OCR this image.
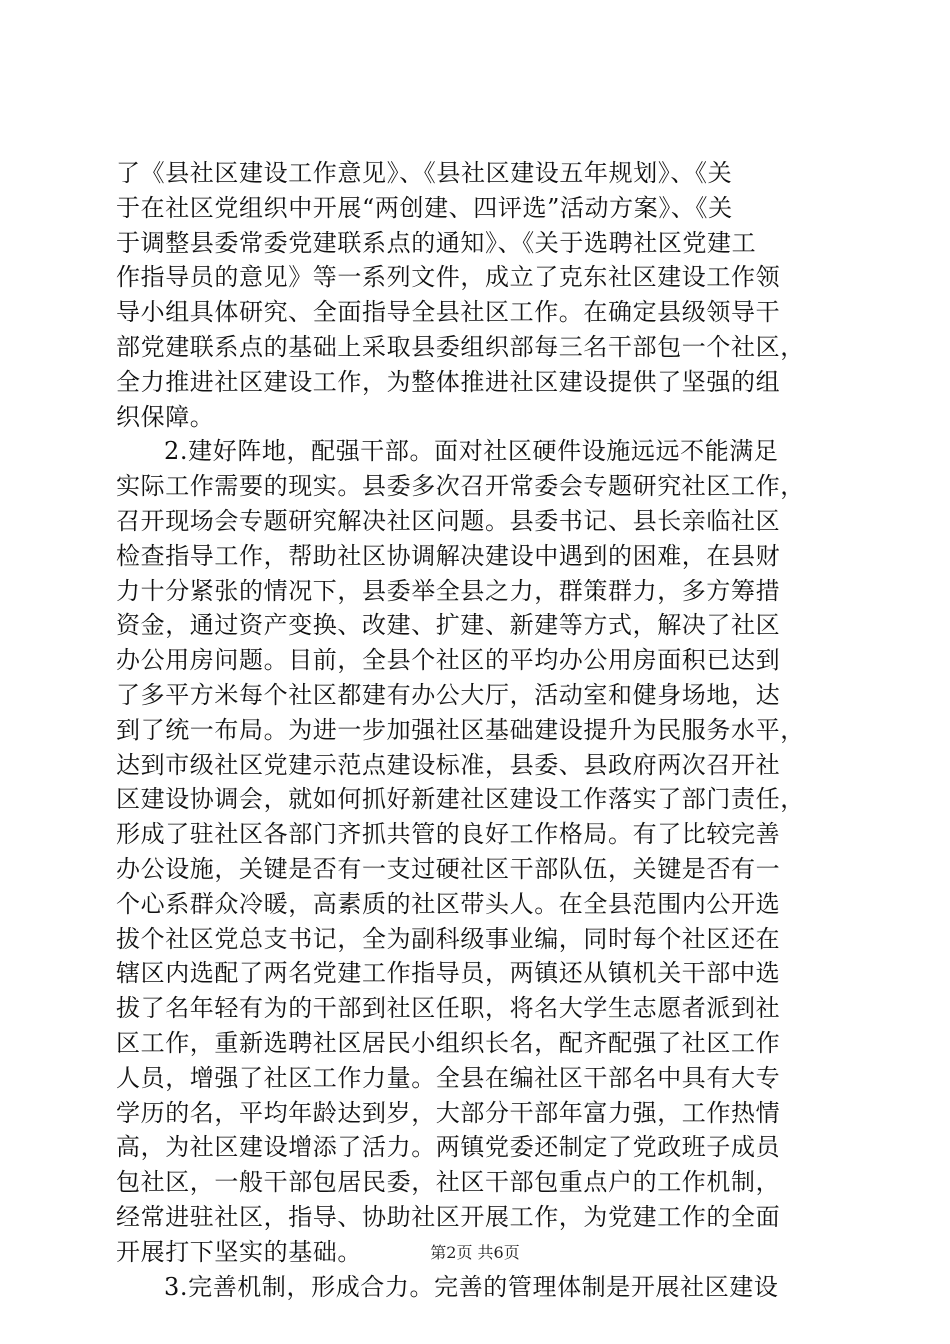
了《县社区建设工作意见》、《县社区建设五年规划》、《关
于在社区党组织中开展“两创建、四评选”活动方案》、《关
于调整县委常委党建联系点的通知》、《关于选聘社区党建工
作指导员的意见》等一系列文件，成立了克东社区建设工作领
导小组具体研究、全面指导全县社区工作。在确定县级领导干
部党建联系点的基础上采取县委组织部每三名干部包一个社区，
全力推进社区建设工作，为整体推进社区建设提供了坚强的组
织保障。
2.建好阵地，配强干部。面对社区硬件设施远远不能满足
实际工作需要的现实。县委多次召开常委会专题研究社区工作，
召开现场会专题研究解决社区问题。县委书记、县长亲临社区
检查指导工作，帮助社区协调解决建设中遇到的困难，在县财
力十分紧张的情况下，县委举全县之力，群策群力，多方筹措
资金，通过资产变换、改建、扩建、新建等方式，解决了社区
办公用房问题。目前，全县个社区的平均办公用房面积已达到
了多平方米每个社区都建有办公大厅，活动室和健身场地，达
到了统一布局。为进一步加强社区基础建设提升为民服务水平，
达到市级社区党建示范点建设标准，县委、县政府两次召开社
区建设协调会，就如何抓好新建社区建设工作落实了部门责任，
形成了驻社区各部门齐抓共管的良好工作格局。有了比较完善
办公设施，关键是否有一支过硬社区干部队伍，关键是否有一
个心系群众冷暖，高素质的社区带头人。在全县范围内公开选
拔个社区党总支书记，全为副科级事业编，同时每个社区还在
辖区内选配了两名党建工作指导员，两镇还从镇机关干部中选
拔了名年轻有为的干部到社区任职，将名大学生志愿者派到社
区工作，重新选聘社区居民小组织长名，配齐配强了社区工作
人员，增强了社区工作力量。全县在编社区干部名中具有大专
学历的名，平均年龄达到岁，大部分干部年富力强，工作热情
高，为社区建设增添了活力。两镇党委还制定了党政班子成员
包社区，一般干部包居民委，社区干部包重点户的工作机制，
经常进驻社区，指导、协助社区开展工作，为党建工作的全面
开展打下坚实的基础。
3.完善机制，形成合力。完善的管理体制是开展社区建设
第2页 共6页
